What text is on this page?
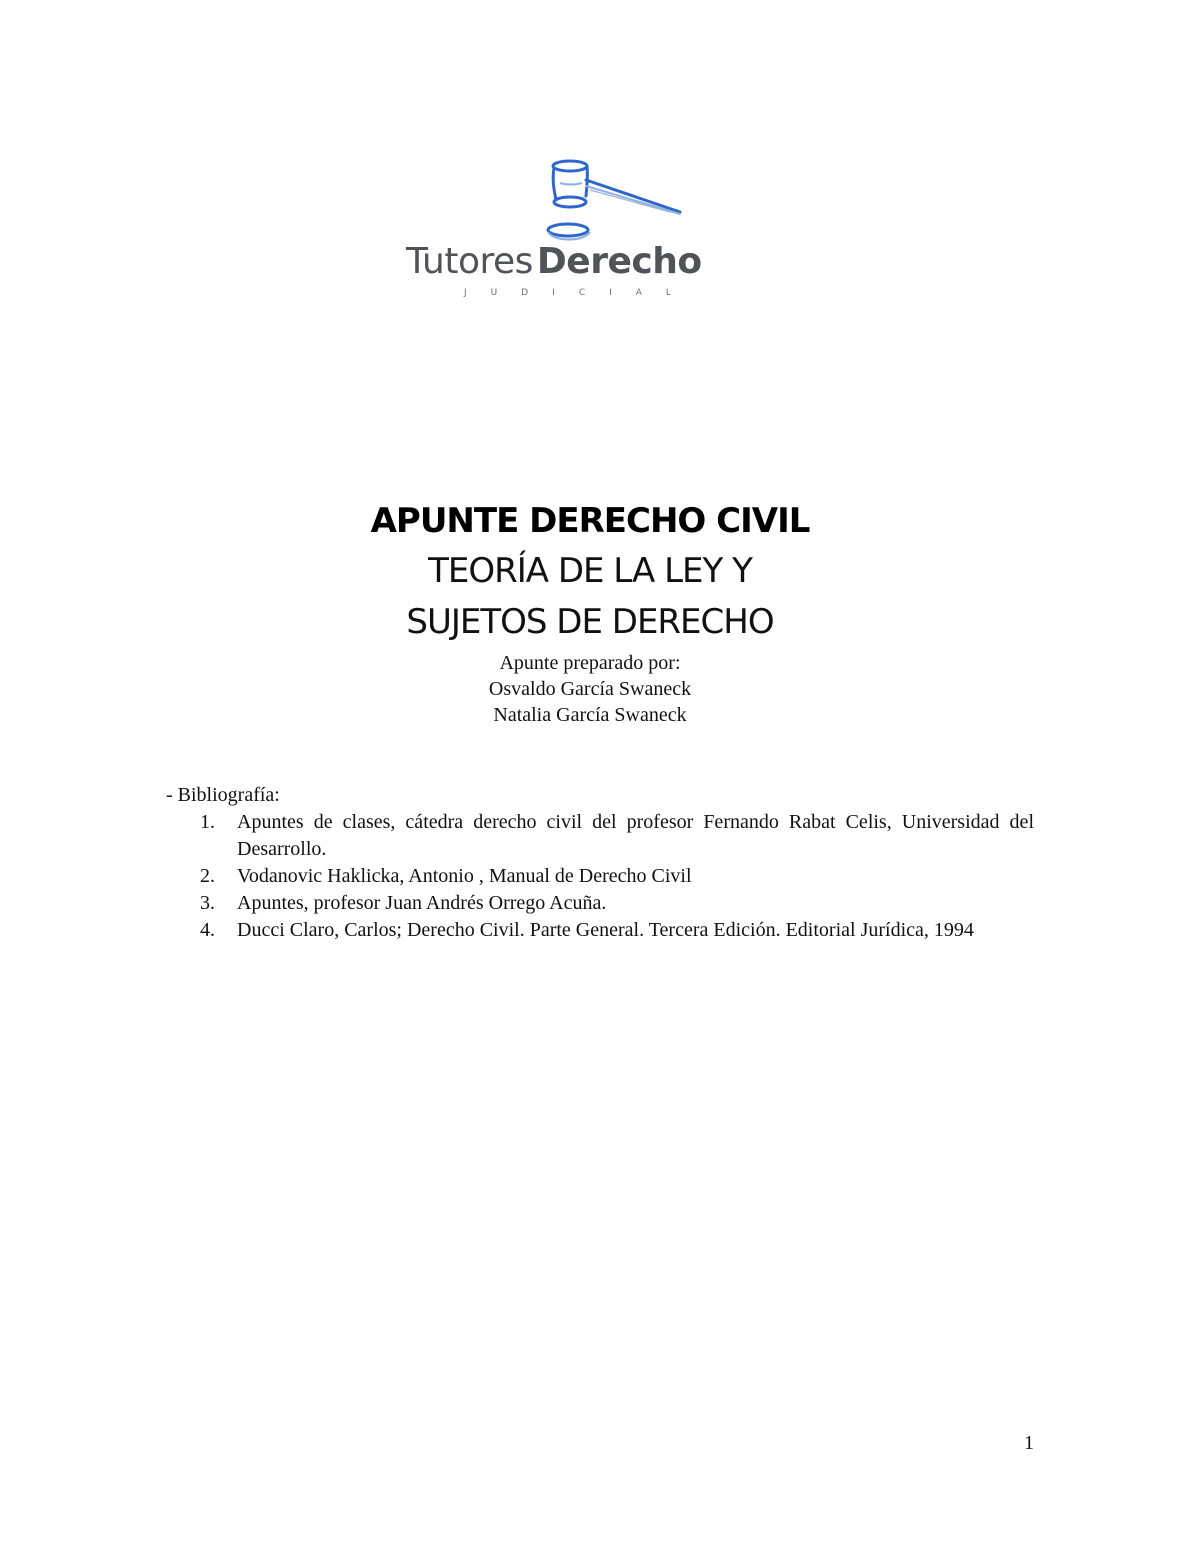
Tutores Derecho
JUDICIAL
APUNTE DERECHO CIVIL
TEORÍA DE LA LEY Y
SUJETOS DE DERECHO
Apunte preparado por:
Osvaldo García Swaneck
Natalia García Swaneck
- Bibliografía:
1. Apuntes de clases, cátedra derecho civil del profesor Fernando Rabat Celis, Universidad del Desarrollo.
2. Vodanovic Haklicka, Antonio , Manual de Derecho Civil
3. Apuntes, profesor Juan Andrés Orrego Acuña.
4. Ducci Claro, Carlos; Derecho Civil. Parte General. Tercera Edición. Editorial Jurídica, 1994
1
